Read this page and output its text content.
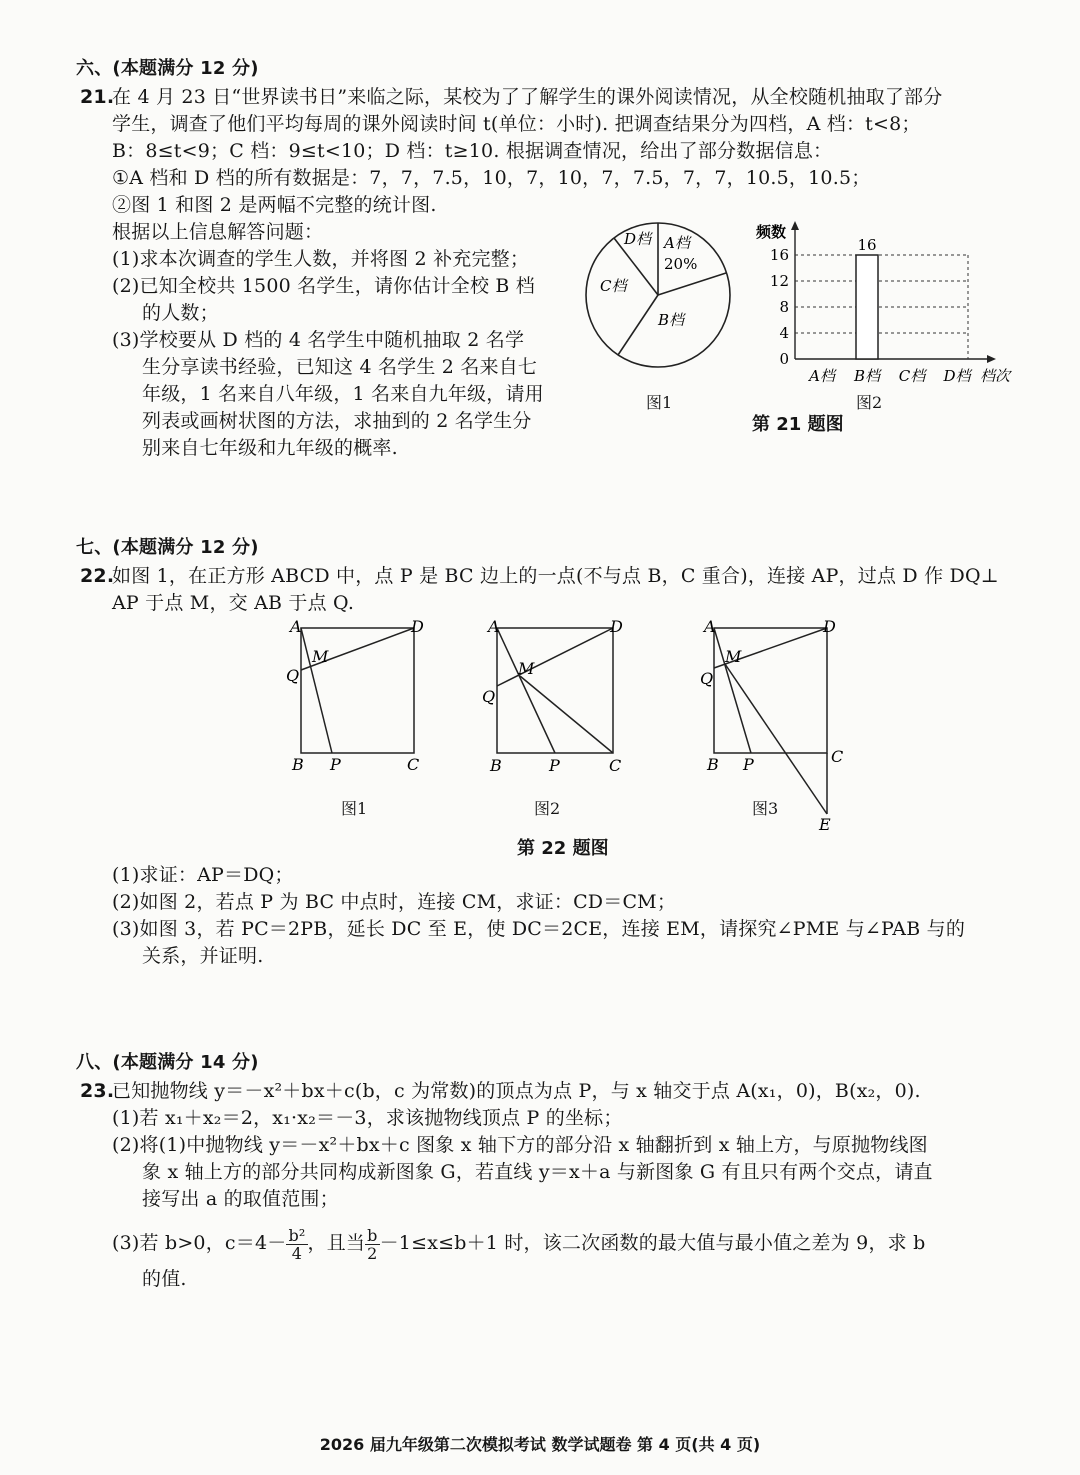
六、(本题满分 12 分)
21.
在 4 月 23 日“世界读书日”来临之际，某校为了了解学生的课外阅读情况，从全校随机抽取了部分
学生，调查了他们平均每周的课外阅读时间 t(单位：小时). 把调查结果分为四档，A 档：t<8；
B：8≤t<9；C 档：9≤t<10；D 档：t≥10. 根据调查情况，给出了部分数据信息：
①A 档和 D 档的所有数据是：7，7，7.5，10，7，10，7，7.5，7，7，10.5，10.5；
②图 1 和图 2 是两幅不完整的统计图.
根据以上信息解答问题：
(1)求本次调查的学生人数，并将图 2 补充完整；
(2)已知全校共 1500 名学生，请你估计全校 B 档
的人数；
(3)学校要从 D 档的 4 名学生中随机抽取 2 名学
生分享读书经验，已知这 4 名学生 2 名来自七
年级，1 名来自八年级，1 名来自九年级，请用
列表或画树状图的方法，求抽到的 2 名学生分
别来自七年级和九年级的概率.
D档 A档
20%
C档
B档
图1
频数
档次
0
4
8
12
16
A档 B档
16
C档 D档
图2
第 21 题图
七、(本题满分 12 分)
22.
如图 1，在正方形 ABCD 中，点 P 是 BC 边上的一点(不与点 B，C 重合)，连接 AP，过点 D 作 DQ⊥
AP 于点 M，交 AB 于点 Q.
A	D
Q
M
B P	C
A	D
Q
M
B	P	C
A	D
Q
M
B P	C
E
图1	图2	图3
第 22 题图
(1)求证：AP＝DQ；
(2)如图 2，若点 P 为 BC 中点时，连接 CM，求证：CD＝CM；
(3)如图 3，若 PC＝2PB，延长 DC 至 E，使 DC＝2CE，连接 EM，请探究∠PME 与∠PAB 与的
关系，并证明.
八、(本题满分 14 分)
23.
已知抛物线 y＝－x²＋bx＋c(b，c 为常数)的顶点为点 P，与 x 轴交于点 A(x₁，0)，B(x₂，0).
(1)若 x₁＋x₂＝2，x₁·x₂＝－3，求该抛物线顶点 P 的坐标；
(2)将(1)中抛物线 y＝－x²＋bx＋c 图象 x 轴下方的部分沿 x 轴翻折到 x 轴上方，与原抛物线图
象 x 轴上方的部分共同构成新图象 G，若直线 y＝x＋a 与新图象 G 有且只有两个交点，请直
接写出 a 的取值范围；
(3)若 b>0，$c=4- \frac{\text{b²}}{4}$ ，且当 $\frac{b}{2} -1\le x\le b+1$ 时，该二次函数的最大值与最小值之差为 9，求 b
的值.
2026 届九年级第二次模拟考试 数学试题卷 第 4 页(共 4 页)
